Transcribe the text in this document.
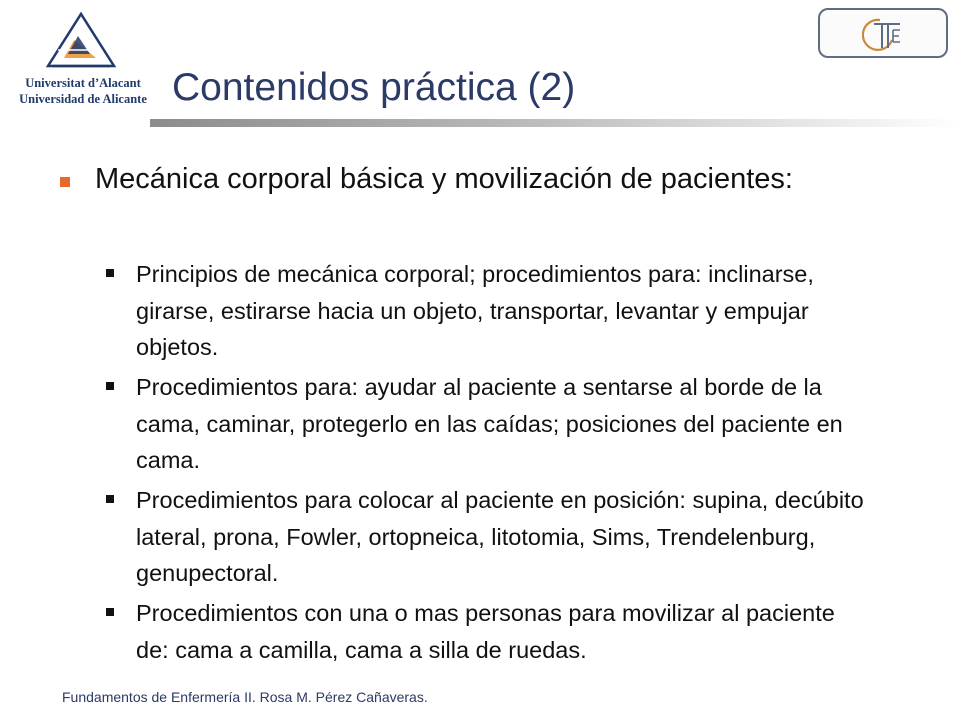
Universitat d’Alacant
Universidad de Alicante Contenidos práctica (2)
Mecánica corporal básica y movilización de pacientes:
Principios de mecánica corporal; procedimientos para: inclinarse, girarse, estirarse hacia un objeto, transportar, levantar y empujar objetos.
Procedimientos para: ayudar al paciente a sentarse al borde de la cama, caminar, protegerlo en las caídas; posiciones del paciente en cama.
Procedimientos para colocar al paciente en posición: supina, decúbito lateral, prona, Fowler, ortopneica, litotomia, Sims, Trendelenburg, genupectoral.
Procedimientos con una o mas personas para movilizar al paciente de: cama a camilla, cama a silla de ruedas.
Fundamentos de Enfermería II. Rosa M. Pérez Cañaveras.
